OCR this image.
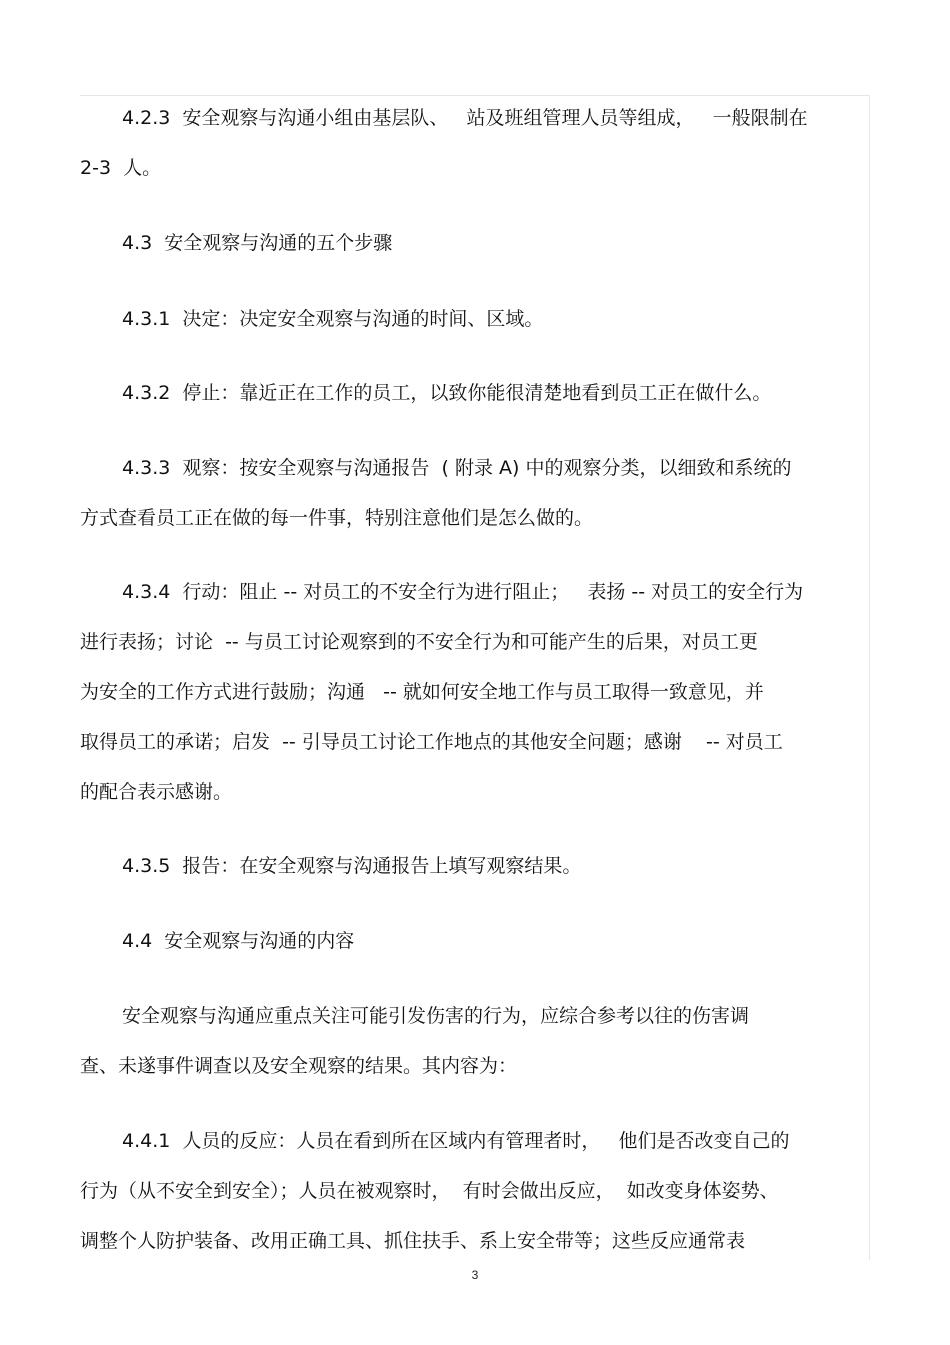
4.2.3  安全观察与沟通小组由基层队、   站及班组管理人员等组成，   一般限制在
2-3  人。
4.3  安全观察与沟通的五个步骤
4.3.1  决定：决定安全观察与沟通的时间、区域。
4.3.2  停止：靠近正在工作的员工，以致你能很清楚地看到员工正在做什么。
4.3.3  观察：按安全观察与沟通报告  ( 附录 A) 中的观察分类，以细致和系统的
方式查看员工正在做的每一件事，特别注意他们是怎么做的。
4.3.4  行动：阻止 -- 对员工的不安全行为进行阻止；   表扬 -- 对员工的安全行为
进行表扬；讨论  -- 与员工讨论观察到的不安全行为和可能产生的后果，对员工更
为安全的工作方式进行鼓励；沟通   -- 就如何安全地工作与员工取得一致意见，并
取得员工的承诺；启发  -- 引导员工讨论工作地点的其他安全问题；感谢    -- 对员工
的配合表示感谢。
4.3.5  报告：在安全观察与沟通报告上填写观察结果。
4.4  安全观察与沟通的内容
安全观察与沟通应重点关注可能引发伤害的行为，应综合参考以往的伤害调
查、未遂事件调查以及安全观察的结果。其内容为：
4.4.1  人员的反应：人员在看到所在区域内有管理者时，   他们是否改变自己的
行为（从不安全到安全）；人员在被观察时，  有时会做出反应，  如改变身体姿势、
调整个人防护装备、改用正确工具、抓住扶手、系上安全带等；这些反应通常表
3
